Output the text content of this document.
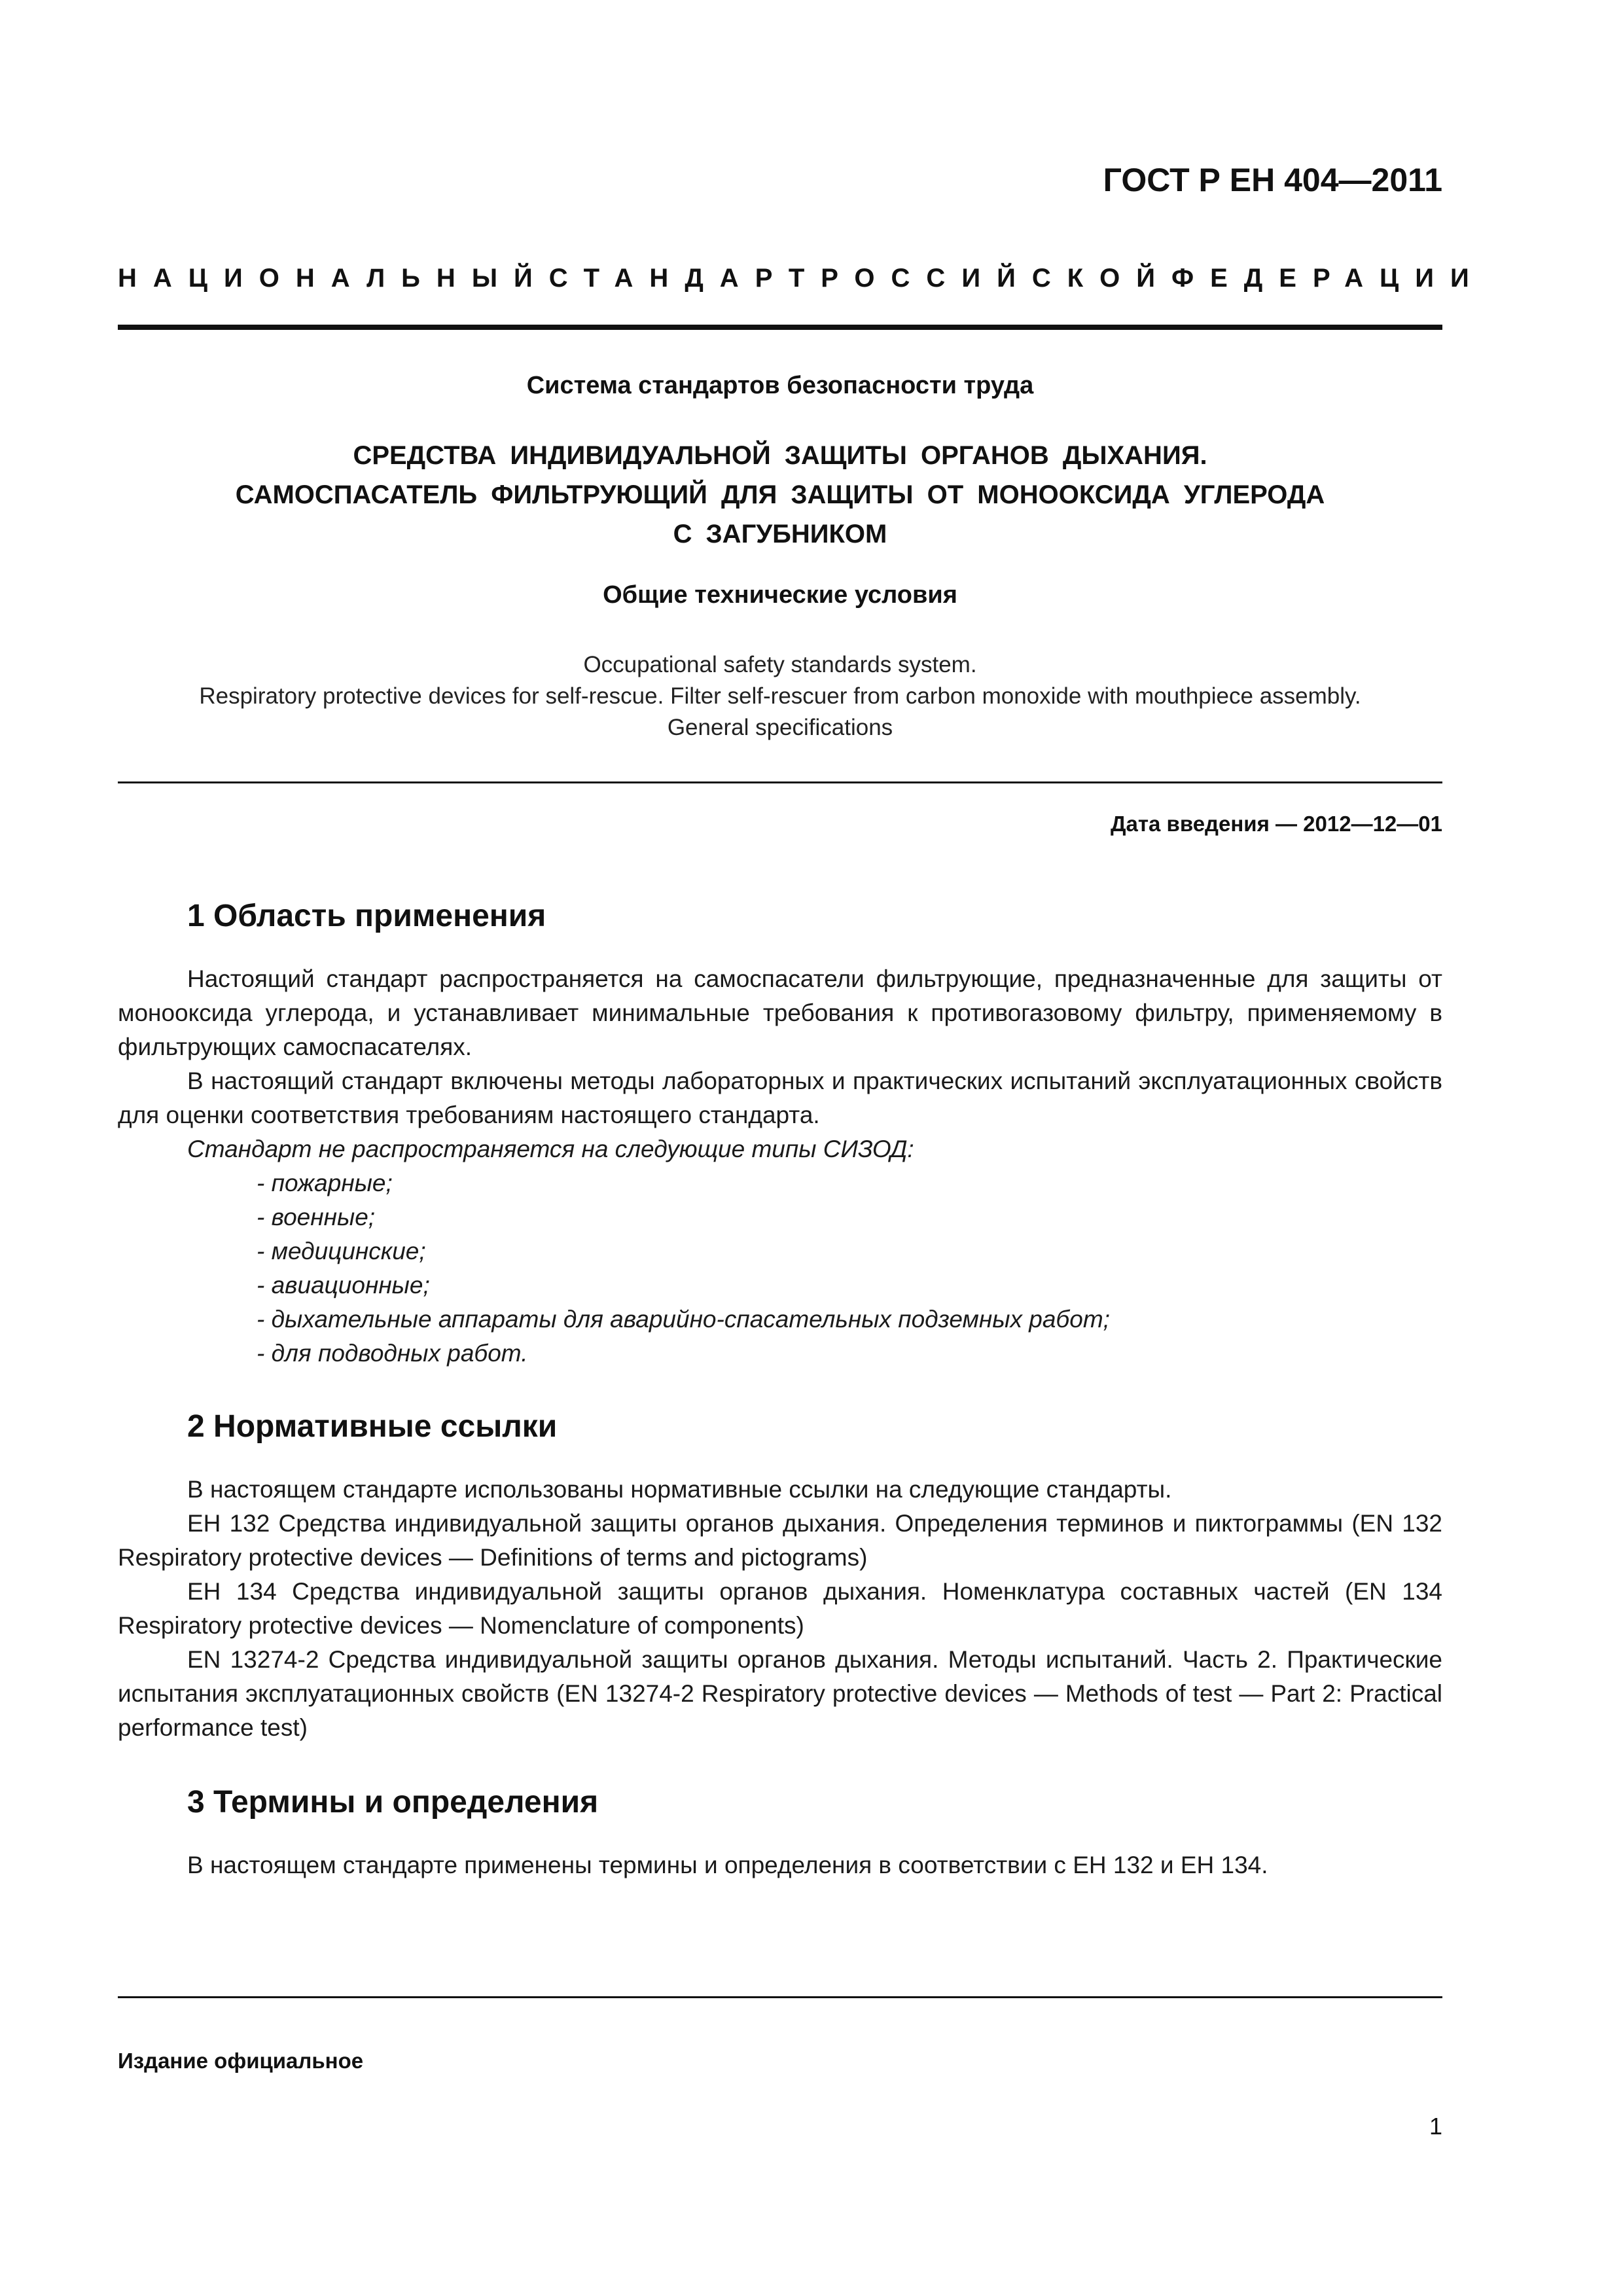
ГОСТ Р ЕН 404—2011
НАЦИОНАЛЬНЫЙ СТАНДАРТ РОССИЙСКОЙ ФЕДЕРАЦИИ
Система стандартов безопасности труда
СРЕДСТВА ИНДИВИДУАЛЬНОЙ ЗАЩИТЫ ОРГАНОВ ДЫХАНИЯ.
САМОСПАСАТЕЛЬ ФИЛЬТРУЮЩИЙ ДЛЯ ЗАЩИТЫ ОТ МОНООКСИДА УГЛЕРОДА
С ЗАГУБНИКОМ
Общие технические условия
Occupational safety standards system.
Respiratory protective devices for self-rescue. Filter self-rescuer from carbon monoxide with mouthpiece assembly.
General specifications
Дата введения — 2012—12—01
1 Область применения

Настоящий стандарт распространяется на самоспасатели фильтрующие, предназначенные для защиты от монооксида углерода, и устанавливает минимальные требования к противогазовому фильтру, применяемому в фильтрующих самоспасателях.

В настоящий стандарт включены методы лабораторных и практических испытаний эксплуатационных свойств для оценки соответствия требованиям настоящего стандарта.

Стандарт не распространяется на следующие типы СИЗОД:

- пожарные;

- военные;

- медицинские;

- авиационные;

- дыхательные аппараты для аварийно-спасательных подземных работ;

- для подводных работ.

2 Нормативные ссылки

В настоящем стандарте использованы нормативные ссылки на следующие стандарты.

ЕН 132 Средства индивидуальной защиты органов дыхания. Определения терминов и пиктограммы (EN 132 Respiratory protective devices — Definitions of terms and pictograms)

ЕН 134 Средства индивидуальной защиты органов дыхания. Номенклатура составных частей (EN 134 Respiratory protective devices — Nomenclature of components)

EN 13274-2 Средства индивидуальной защиты органов дыхания. Методы испытаний. Часть 2. Практические испытания эксплуатационных свойств (EN 13274-2 Respiratory protective devices — Methods of test — Part 2: Practical performance test)

3 Термины и определения

В настоящем стандарте применены термины и определения в соответствии с ЕН 132 и ЕН 134.

Издание официальное
1
